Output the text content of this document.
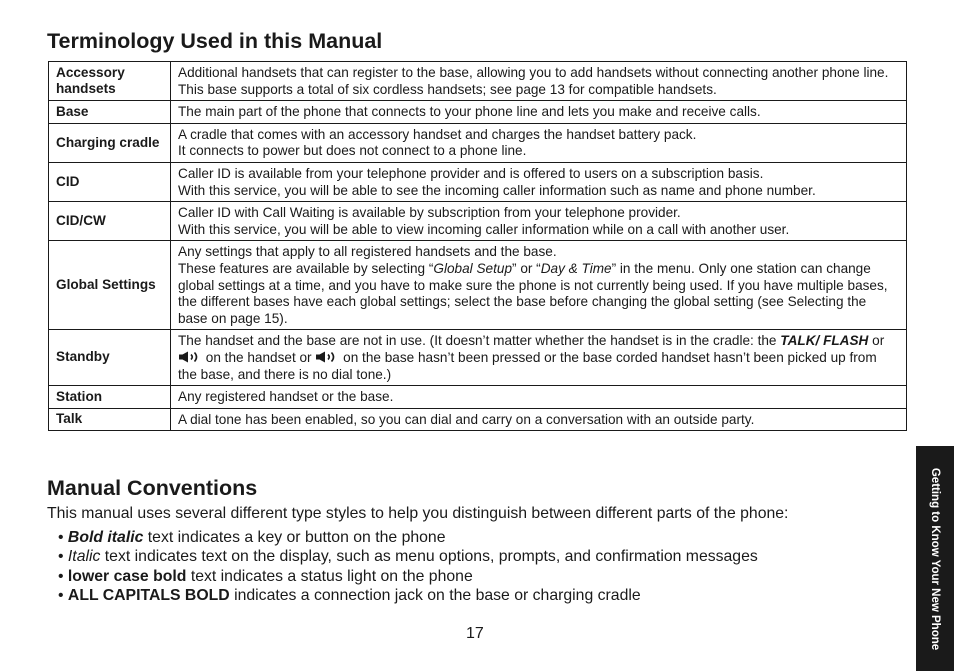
Terminology Used in this Manual
Accessory handsets	Additional handsets that can register to the base, allowing you to add handsets without connecting another phone line. This base supports a total of six cordless handsets; see page 13 for compatible handsets.
Base	The main part of the phone that connects to your phone line and lets you make and receive calls.
Charging cradle	A cradle that comes with an accessory handset and charges the handset battery pack.
It connects to power but does not connect to a phone line.
CID	Caller ID is available from your telephone provider and is offered to users on a subscription basis.
With this service, you will be able to see the incoming caller information such as name and phone number.
CID/CW	Caller ID with Call Waiting is available by subscription from your telephone provider.
With this service, you will be able to view incoming caller information while on a call with another user.
Global Settings	Any settings that apply to all registered handsets and the base.
These features are available by selecting “Global Setup” or “Day & Time” in the menu. Only one station can change global settings at a time, and you have to make sure the phone is not currently being used. If you have multiple bases, the different bases have each global settings; select the base before changing the global setting (see Selecting the base on page 15).
Standby	The handset and the base are not in use. (It doesn’t matter whether the handset is in the cradle: the TALK/ FLASH or  on the handset or  on the base hasn’t been pressed or the base corded handset hasn’t been picked up from the base, and there is no dial tone.)
Station	Any registered handset or the base.
Talk	A dial tone has been enabled, so you can dial and carry on a conversation with an outside party.
Manual Conventions
This manual uses several different type styles to help you distinguish between different parts of the phone:
• Bold italic text indicates a key or button on the phone
• Italic text indicates text on the display, such as menu options, prompts, and confirmation messages
• lower case bold text indicates a status light on the phone
• ALL CAPITALS BOLD indicates a connection jack on the base or charging cradle
17	Getting to Know Your New Phone
